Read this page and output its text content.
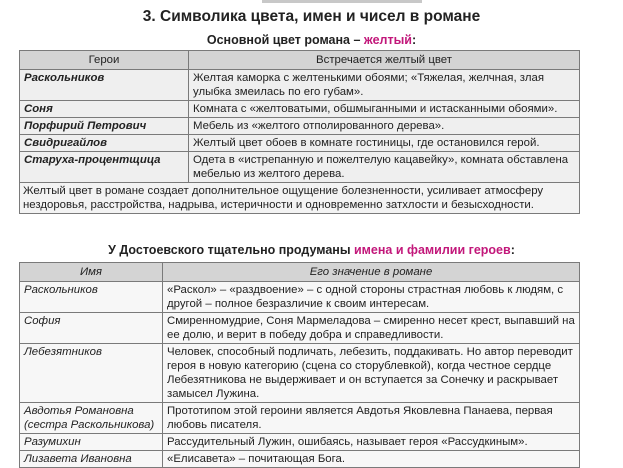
3. Символика цвета, имен и чисел в романе

Основной цвет романа – желтый:

Герои	Встречается желтый цвет
Раскольников	Желтая каморка с желтенькими обоями; «Тяжелая, желчная, злая улыбка змеилась по его губам».
Соня	Комната с «желтоватыми, обшмыганными и истасканными обоями».
Порфирий Петрович	Мебель из «желтого отполированного дерева».
Свидригайлов	Желтый цвет обоев в комнате гостиницы, где остановился герой.
Старуха-процентщица	Одета в «истрепанную и пожелтелую кацавейку», комната обставлена мебелью из желтого дерева.
Желтый цвет в романе создает дополнительное ощущение болезненности, усиливает атмосферу нездоровья, расстройства, надрыва, истеричности и одновременно затхлости и безысходности.	

У Достоевского тщательно продуманы имена и фамилии героев:

Имя	Его значение в романе
Раскольников	«Раскол» – «раздвоение» – с одной стороны страстная любовь к людям, с другой – полное безразличие к своим интересам.
София	Смиренномудрие, Соня Мармеладова – смиренно несет крест, выпавший на ее долю, и верит в победу добра и справедливости.
Лебезятников	Человек, способный подличать, лебезить, поддакивать. Но автор переводит героя в новую категорию (сцена со сторублевкой), когда честное сердце Лебезятникова не выдерживает и он вступается за Сонечку и раскрывает замысел Лужина.
Авдотья Романовна (сестра Раскольникова)	Прототипом этой героини является Авдотья Яковлевна Панаева, первая любовь писателя.
Разумихин	Рассудительный Лужин, ошибаясь, называет героя «Рассудкиным».
Лизавета Ивановна	«Елисавета» – почитающая Бога.
